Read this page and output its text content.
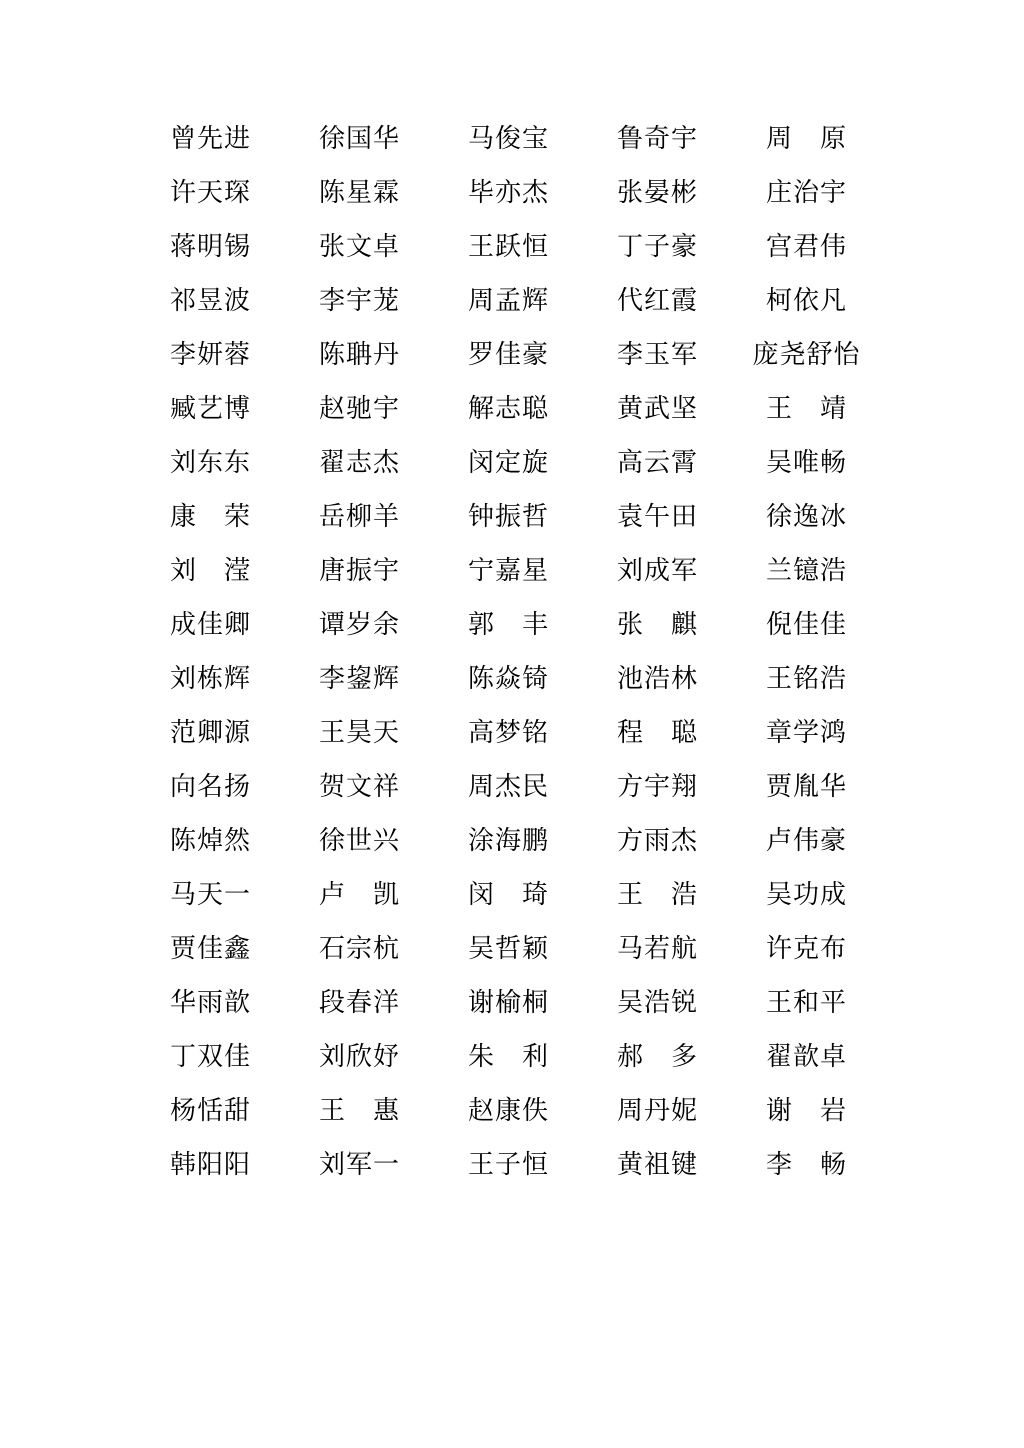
曾先进	徐国华	马俊宝	鲁奇宇	周　原
许天琛	陈星霖	毕亦杰	张晏彬	庄治宇
蒋明锡	张文卓	王跃恒	丁子豪	宫君伟
祁昱波	李宇茏	周孟辉	代红霞	柯依凡
李妍蓉	陈聃丹	罗佳豪	李玉军	庞尧舒怡
臧艺博	赵驰宇	解志聪	黄武坚	王　靖
刘东东	翟志杰	闵定旋	高云霄	吴唯畅
康　荣	岳柳羊	钟振哲	袁午田	徐逸冰
刘　滢	唐振宇	宁嘉星	刘成军	兰镱浩
成佳卿	谭岁余	郭　丰	张　麒	倪佳佳
刘栋辉	李鋆辉	陈焱锜	池浩林	王铭浩
范卿源	王昊天	高梦铭	程　聪	章学鸿
向名扬	贺文祥	周杰民	方宇翔	贾胤华
陈焯然	徐世兴	涂海鹏	方雨杰	卢伟豪
马天一	卢　凯	闵　琦	王　浩	吴功成
贾佳鑫	石宗杭	吴哲颖	马若航	许克布
华雨歆	段春洋	谢榆桐	吴浩锐	王和平
丁双佳	刘欣妤	朱　利	郝　多	翟歆卓
杨恬甜	王　惠	赵康佚	周丹妮	谢　岩
韩阳阳	刘军一	王子恒	黄祖键	李　畅
